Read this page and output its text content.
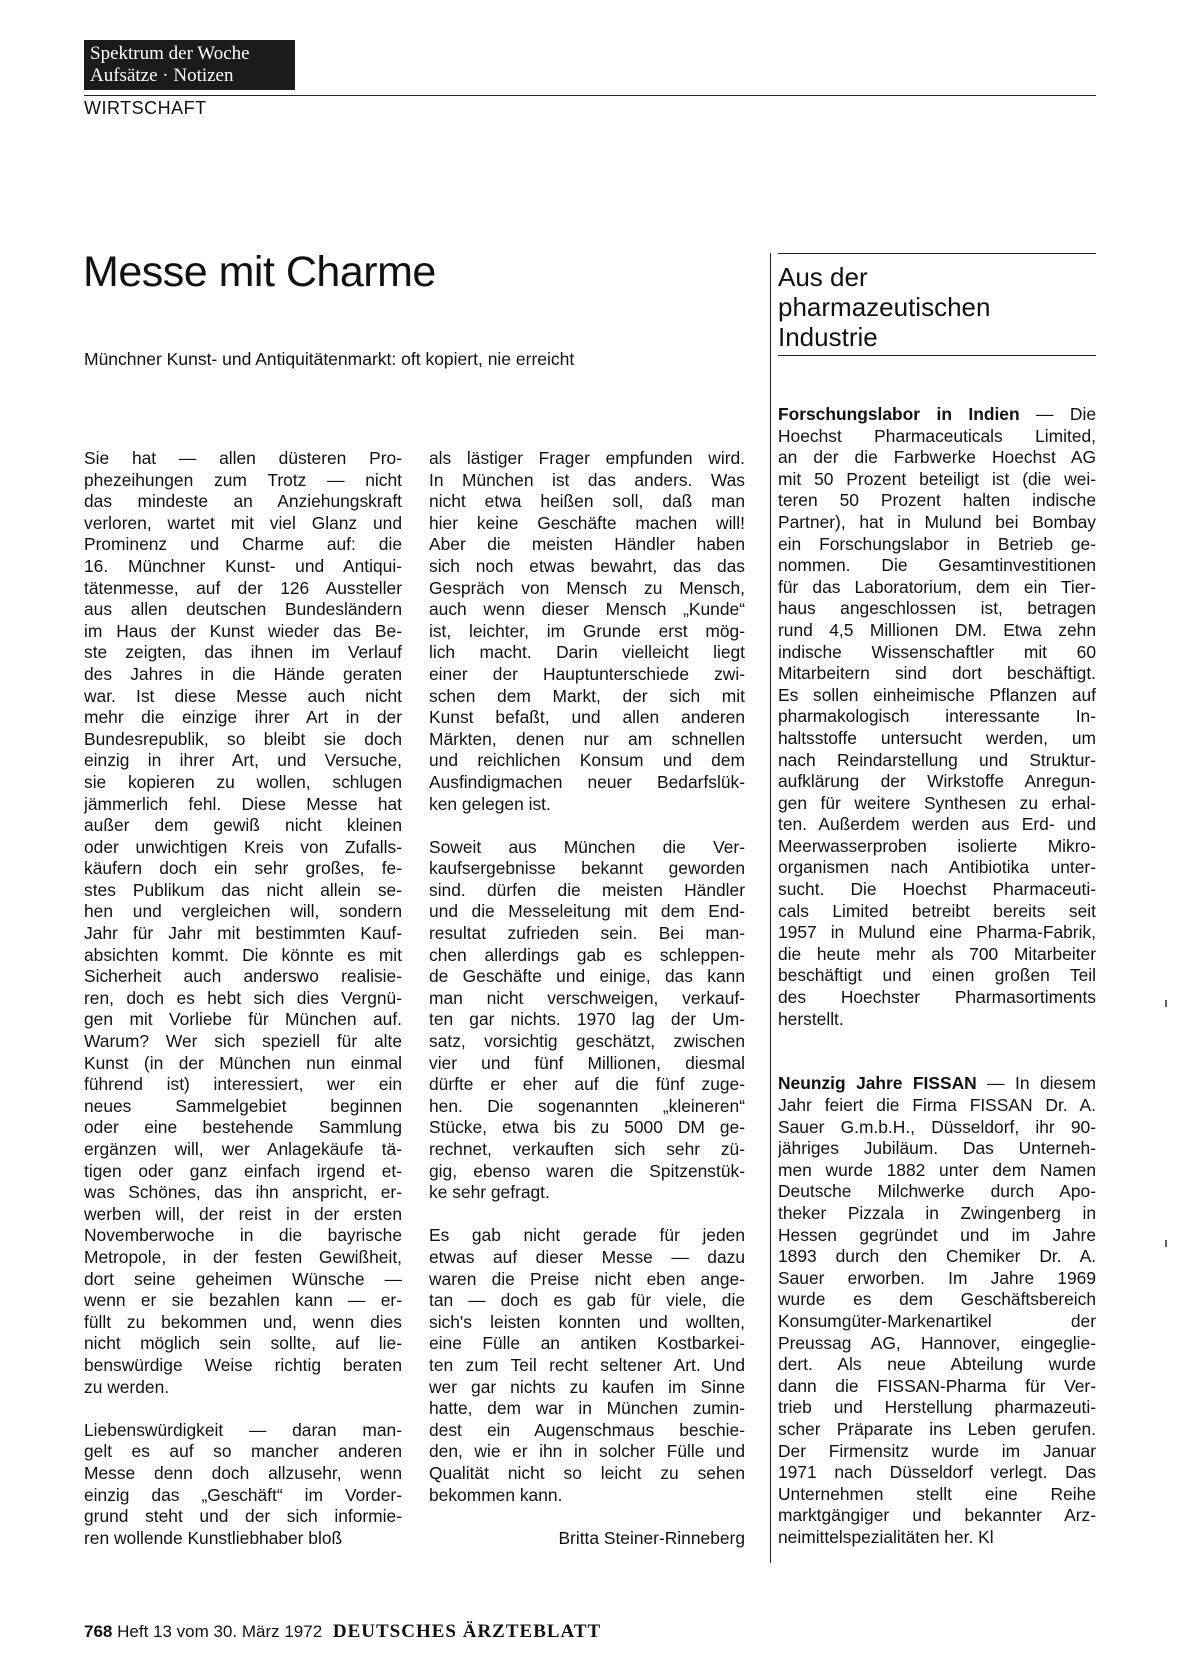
Spektrum der Woche
Aufsätze · Notizen
WIRTSCHAFT
Messe mit Charme
Münchner Kunst- und Antiquitätenmarkt: oft kopiert, nie erreicht
Sie hat — allen düsteren Pro-
phezeihungen zum Trotz — nicht
das mindeste an Anziehungskraft
verloren, wartet mit viel Glanz und
Prominenz und Charme auf: die
16. Münchner Kunst- und Antiqui-
tätenmesse, auf der 126 Aussteller
aus allen deutschen Bundesländern
im Haus der Kunst wieder das Be-
ste zeigten, das ihnen im Verlauf
des Jahres in die Hände geraten
war. Ist diese Messe auch nicht
mehr die einzige ihrer Art in der
Bundesrepublik, so bleibt sie doch
einzig in ihrer Art, und Versuche,
sie kopieren zu wollen, schlugen
jämmerlich fehl. Diese Messe hat
außer dem gewiß nicht kleinen
oder unwichtigen Kreis von Zufalls-
käufern doch ein sehr großes, fe-
stes Publikum das nicht allein se-
hen und vergleichen will, sondern
Jahr für Jahr mit bestimmten Kauf-
absichten kommt. Die könnte es mit
Sicherheit auch anderswo realisie-
ren, doch es hebt sich dies Vergnü-
gen mit Vorliebe für München auf.
Warum? Wer sich speziell für alte
Kunst (in der München nun einmal
führend ist) interessiert, wer ein
neues Sammelgebiet beginnen
oder eine bestehende Sammlung
ergänzen will, wer Anlagekäufe tä-
tigen oder ganz einfach irgend et-
was Schönes, das ihn anspricht, er-
werben will, der reist in der ersten
Novemberwoche in die bayrische
Metropole, in der festen Gewißheit,
dort seine geheimen Wünsche —
wenn er sie bezahlen kann — er-
füllt zu bekommen und, wenn dies
nicht möglich sein sollte, auf lie-
benswürdige Weise richtig beraten
zu werden.
Liebenswürdigkeit — daran man-
gelt es auf so mancher anderen
Messe denn doch allzusehr, wenn
einzig das „Geschäft“ im Vorder-
grund steht und der sich informie-
ren wollende Kunstliebhaber bloß
als lästiger Frager empfunden wird.
In München ist das anders. Was
nicht etwa heißen soll, daß man
hier keine Geschäfte machen will!
Aber die meisten Händler haben
sich noch etwas bewahrt, das das
Gespräch von Mensch zu Mensch,
auch wenn dieser Mensch „Kunde“
ist, leichter, im Grunde erst mög-
lich macht. Darin vielleicht liegt
einer der Hauptunterschiede zwi-
schen dem Markt, der sich mit
Kunst befaßt, und allen anderen
Märkten, denen nur am schnellen
und reichlichen Konsum und dem
Ausfindigmachen neuer Bedarfslük-
ken gelegen ist.
Soweit aus München die Ver-
kaufsergebnisse bekannt geworden
sind. dürfen die meisten Händler
und die Messeleitung mit dem End-
resultat zufrieden sein. Bei man-
chen allerdings gab es schleppen-
de Geschäfte und einige, das kann
man nicht verschweigen, verkauf-
ten gar nichts. 1970 lag der Um-
satz, vorsichtig geschätzt, zwischen
vier und fünf Millionen, diesmal
dürfte er eher auf die fünf zuge-
hen. Die sogenannten „kleineren“
Stücke, etwa bis zu 5000 DM ge-
rechnet, verkauften sich sehr zü-
gig, ebenso waren die Spitzenstük-
ke sehr gefragt.
Es gab nicht gerade für jeden
etwas auf dieser Messe — dazu
waren die Preise nicht eben ange-
tan — doch es gab für viele, die
sich's leisten konnten und wollten,
eine Fülle an antiken Kostbarkei-
ten zum Teil recht seltener Art. Und
wer gar nichts zu kaufen im Sinne
hatte, dem war in München zumin-
dest ein Augenschmaus beschie-
den, wie er ihn in solcher Fülle und
Qualität nicht so leicht zu sehen
bekommen kann.
Britta Steiner-Rinneberg
Aus der
pharmazeutischen
Industrie
Forschungslabor in Indien — Die
Hoechst Pharmaceuticals Limited,
an der die Farbwerke Hoechst AG
mit 50 Prozent beteiligt ist (die wei-
teren 50 Prozent halten indische
Partner), hat in Mulund bei Bombay
ein Forschungslabor in Betrieb ge-
nommen. Die Gesamtinvestitionen
für das Laboratorium, dem ein Tier-
haus angeschlossen ist, betragen
rund 4,5 Millionen DM. Etwa zehn
indische Wissenschaftler mit 60
Mitarbeitern sind dort beschäftigt.
Es sollen einheimische Pflanzen auf
pharmakologisch interessante In-
haltsstoffe untersucht werden, um
nach Reindarstellung und Struktur-
aufklärung der Wirkstoffe Anregun-
gen für weitere Synthesen zu erhal-
ten. Außerdem werden aus Erd- und
Meerwasserproben isolierte Mikro-
organismen nach Antibiotika unter-
sucht. Die Hoechst Pharmaceuti-
cals Limited betreibt bereits seit
1957 in Mulund eine Pharma-Fabrik,
die heute mehr als 700 Mitarbeiter
beschäftigt und einen großen Teil
des Hoechster Pharmasortiments
herstellt.
Neunzig Jahre FISSAN — In diesem
Jahr feiert die Firma FISSAN Dr. A.
Sauer G.m.b.H., Düsseldorf, ihr 90-
jähriges Jubiläum. Das Unterneh-
men wurde 1882 unter dem Namen
Deutsche Milchwerke durch Apo-
theker Pizzala in Zwingenberg in
Hessen gegründet und im Jahre
1893 durch den Chemiker Dr. A.
Sauer erworben. Im Jahre 1969
wurde es dem Geschäftsbereich
Konsumgüter-Markenartikel der
Preussag AG, Hannover, eingeglie-
dert. Als neue Abteilung wurde
dann die FISSAN-Pharma für Ver-
trieb und Herstellung pharmazeuti-
scher Präparate ins Leben gerufen.
Der Firmensitz wurde im Januar
1971 nach Düsseldorf verlegt. Das
Unternehmen stellt eine Reihe
marktgängiger und bekannter Arz-
neimittelspezialitäten her. Kl
768 Heft 13 vom 30. März 1972 DEUTSCHES ÄRZTEBLATT
